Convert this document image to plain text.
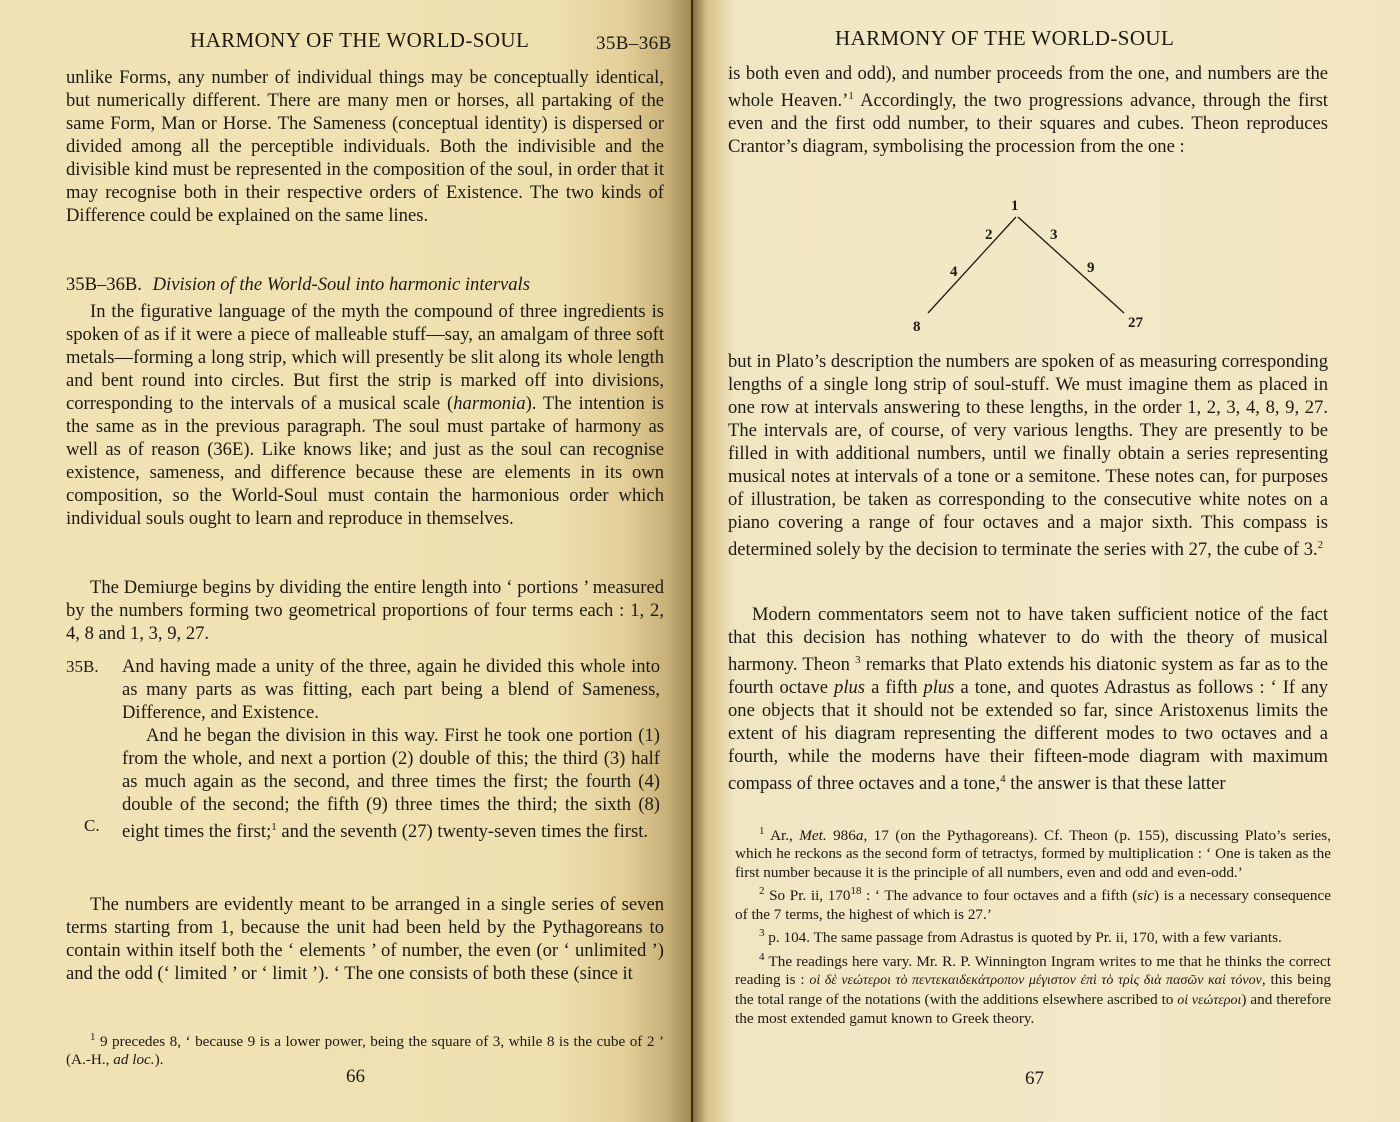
HARMONY OF THE WORLD-SOUL	35B–36B

unlike Forms, any number of individual things may be conceptually identical, but numerically different. There are many men or horses, all partaking of the same Form, Man or Horse. The Sameness (conceptual identity) is dispersed or divided among all the perceptible individuals. Both the indivisible and the divisible kind must be represented in the composition of the soul, in order that it may recognise both in their respective orders of Existence. The two kinds of Difference could be explained on the same lines.

35B–36B. Division of the World-Soul into harmonic intervals

In the figurative language of the myth the compound of three ingredients is spoken of as if it were a piece of malleable stuff—say, an amalgam of three soft metals—forming a long strip, which will presently be slit along its whole length and bent round into circles. But first the strip is marked off into divisions, corresponding to the intervals of a musical scale (harmonia). The intention is the same as in the previous paragraph. The soul must partake of harmony as well as of reason (36E). Like knows like; and just as the soul can recognise existence, sameness, and difference because these are elements in its own composition, so the World-Soul must contain the harmonious order which individual souls ought to learn and reproduce in themselves.

The Demiurge begins by dividing the entire length into ‘ portions ’ measured by the numbers forming two geometrical proportions of four terms each : 1, 2, 4, 8 and 1, 3, 9, 27.

35B. And having made a unity of the three, again he divided this whole into as many parts as was fitting, each part being a blend of Sameness, Difference, and Existence.

And he began the division in this way. First he took one portion (1) from the whole, and next a portion (2) double of this; the third (3) half as much again as the second, and three times the first; the fourth (4) double of the second; the fifth (9) three times the third; the sixth (8) eight times the first;$^1$ and the seventh (27) twenty-seven times the first.

C.

The numbers are evidently meant to be arranged in a single series of seven terms starting from 1, because the unit had been held by the Pythagoreans to contain within itself both the ‘ elements ’ of number, the even (or ‘ unlimited ’) and the odd (‘ limited ’ or ‘ limit ’). ‘ The one consists of both these (since it

$^1$ 9 precedes 8, ‘ because 9 is a lower power, being the square of 3, while 8 is the cube of 2 ’ (A.-H., ad loc.).

66
HARMONY OF THE WORLD-SOUL

is both even and odd), and number proceeds from the one, and numbers are the whole Heaven.’$^1$ Accordingly, the two progressions advance, through the first even and the first odd number, to their squares and cubes. Theon reproduces Crantor’s diagram, symbolising the procession from the one :

1
2
4
8
3
9
27

but in Plato’s description the numbers are spoken of as measuring corresponding lengths of a single long strip of soul-stuff. We must imagine them as placed in one row at intervals answering to these lengths, in the order 1, 2, 3, 4, 8, 9, 27. The intervals are, of course, of very various lengths. They are presently to be filled in with additional numbers, until we finally obtain a series representing musical notes at intervals of a tone or a semitone. These notes can, for purposes of illustration, be taken as corresponding to the consecutive white notes on a piano covering a range of four octaves and a major sixth. This compass is determined solely by the decision to terminate the series with 27, the cube of 3.$^2$

Modern commentators seem not to have taken sufficient notice of the fact that this decision has nothing whatever to do with the theory of musical harmony. Theon $^3$ remarks that Plato extends his diatonic system as far as to the fourth octave plus a fifth plus a tone, and quotes Adrastus as follows : ‘ If any one objects that it should not be extended so far, since Aristoxenus limits the extent of his diagram representing the different modes to two octaves and a fourth, while the moderns have their fifteen-mode diagram with maximum compass of three octaves and a tone,$^4$ the answer is that these latter

$^1$ Ar., Met. 986a, 17 (on the Pythagoreans). Cf. Theon (p. 155), discussing Plato’s series, which he reckons as the second form of tetractys, formed by multiplication : ‘ One is taken as the first number because it is the principle of all numbers, even and odd and even-odd.’

$^2$ So Pr. ii, $170^{18}$ : ‘ The advance to four octaves and a fifth (sic) is a necessary consequence of the 7 terms, the highest of which is 27.’

$^3$ p. 104. The same passage from Adrastus is quoted by Pr. ii, 170, with a few variants.

$^4$ The readings here vary. Mr. R. P. Winnington Ingram writes to me that he thinks the correct reading is : οἱ δὲ νεώτεροι τὸ πεντεκαιδεκάτροπον μέγιστον ἐπὶ τὸ τρὶς διὰ πασῶν καὶ τόνον, this being the total range of the notations (with the additions elsewhere ascribed to οἱ νεώτεροι) and therefore the most extended gamut known to Greek theory.

67
